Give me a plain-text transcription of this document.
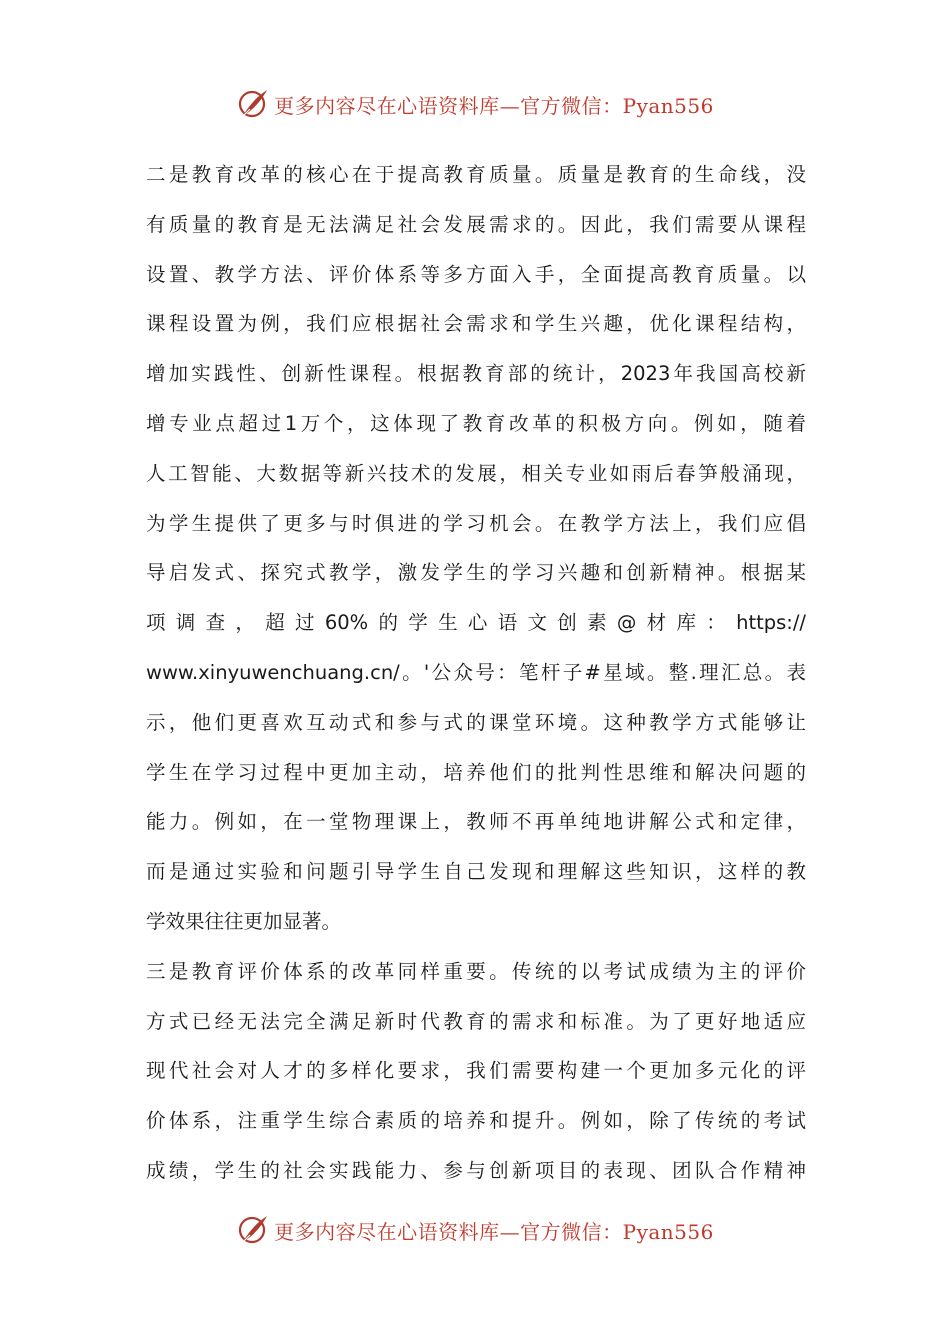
更多内容尽在心语资料库—官方微信：Pyan556
二是教育改革的核心在于提高教育质量。质量是教育的生命线，没
有质量的教育是无法满足社会发展需求的。因此，我们需要从课程
设置、教学方法、评价体系等多方面入手，全面提高教育质量。以
课程设置为例，我们应根据社会需求和学生兴趣，优化课程结构，
增加实践性、创新性课程。根据教育部的统计，2023年我国高校新
增专业点超过1万个，这体现了教育改革的积极方向。例如，随着
人工智能、大数据等新兴技术的发展，相关专业如雨后春笋般涌现，
为学生提供了更多与时俱进的学习机会。在教学方法上，我们应倡
导启发式、探究式教学，激发学生的学习兴趣和创新精神。根据某
项调查，超过60%的学生心语文创素@材库：https://
www.xinyuwenchuang.cn/。'公众号：笔杆子#星域。整.理汇总。表
示，他们更喜欢互动式和参与式的课堂环境。这种教学方式能够让
学生在学习过程中更加主动，培养他们的批判性思维和解决问题的
能力。例如，在一堂物理课上，教师不再单纯地讲解公式和定律，
而是通过实验和问题引导学生自己发现和理解这些知识，这样的教
学效果往往更加显著。
三是教育评价体系的改革同样重要。传统的以考试成绩为主的评价
方式已经无法完全满足新时代教育的需求和标准。为了更好地适应
现代社会对人才的多样化要求，我们需要构建一个更加多元化的评
价体系，注重学生综合素质的培养和提升。例如，除了传统的考试
成绩，学生的社会实践能力、参与创新项目的表现、团队合作精神
更多内容尽在心语资料库—官方微信：Pyan556
